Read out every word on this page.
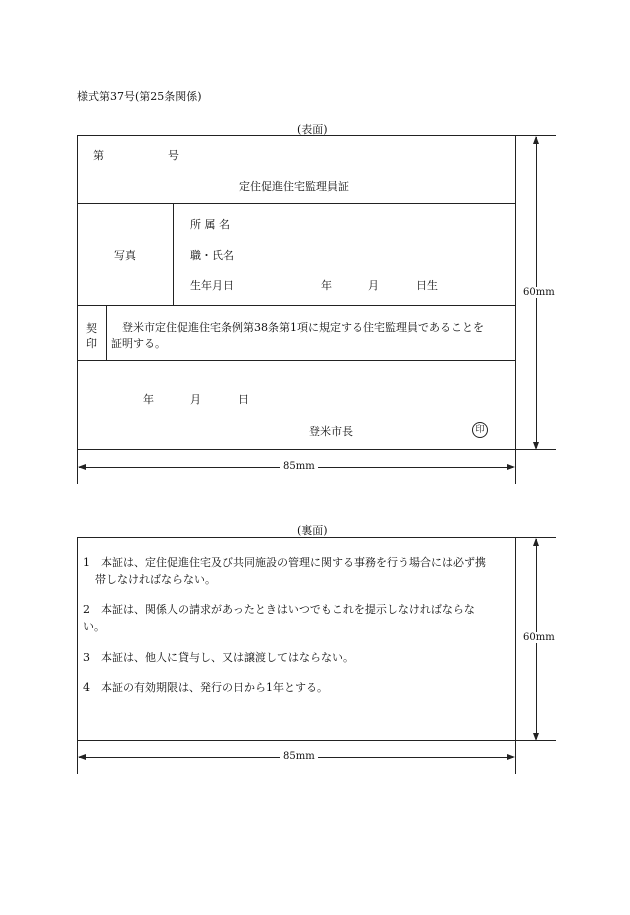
様式第37号(第25条関係)
(表面)
第	号
定住促進住宅監理員証
写真
所 属 名
職・氏名
生年月日	年	月	日生
契
印
　登米市定住促進住宅条例第38条第1項に規定する住宅監理員であることを
証明する。
年	月	日
登米市長	印
60mm
85mm
(裏面)
1　本証は、定住促進住宅及び共同施設の管理に関する事務を行う場合には必ず携
帯しなければならない。
2　本証は、関係人の請求があったときはいつでもこれを提示しなければならな
い。
3　本証は、他人に貸与し、又は譲渡してはならない。
4　本証の有効期限は、発行の日から1年とする。
60mm
85mm
